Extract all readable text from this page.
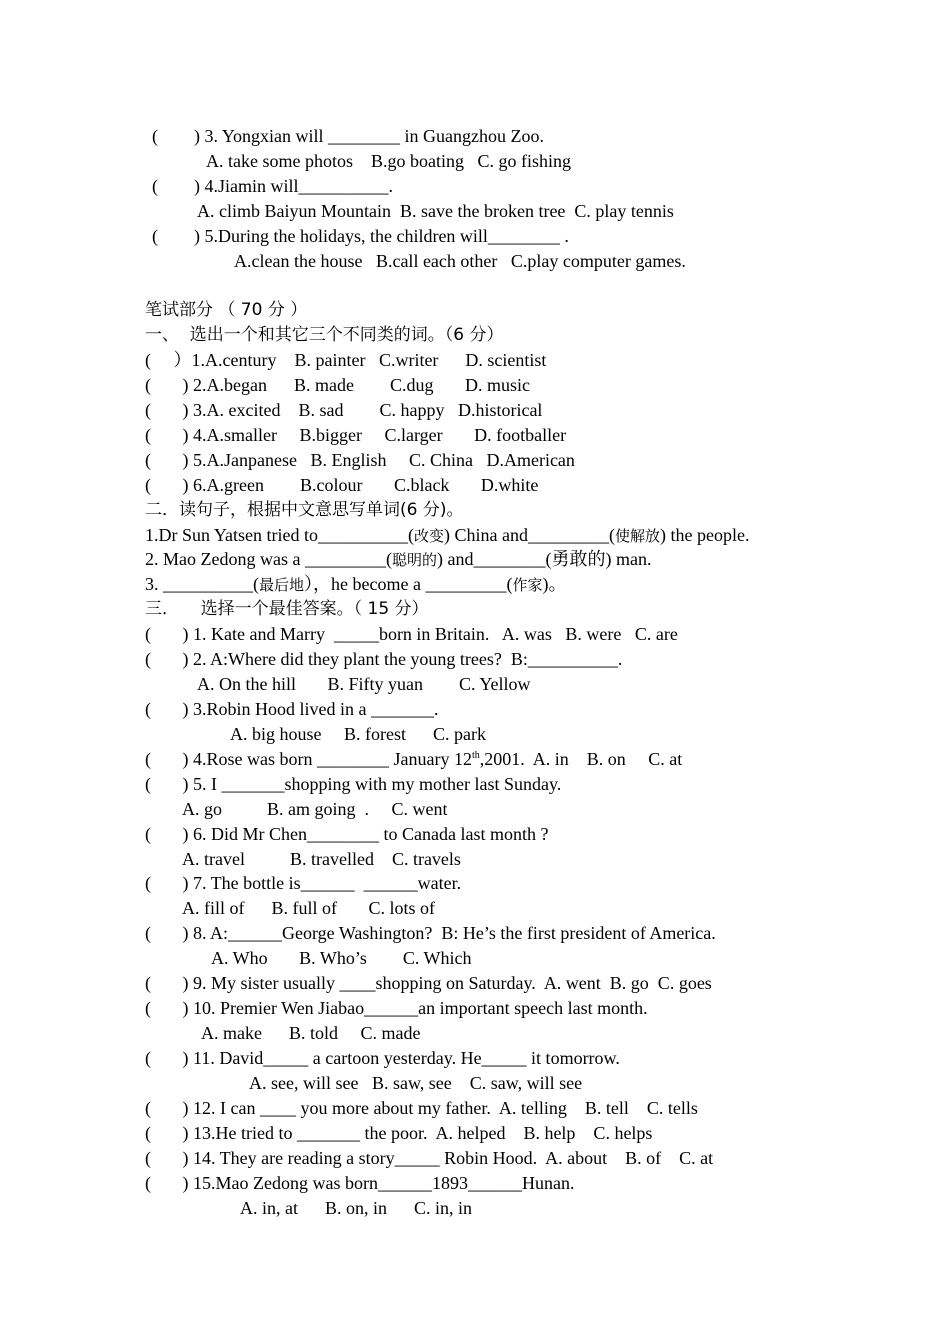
(        ) 3. Yongxian will ________ in Guangzhou Zoo.
A. take some photos    B.go boating   C. go fishing
(        ) 4.Jiamin will__________.
A. climb Baiyun Mountain  B. save the broken tree  C. play tennis
(        ) 5.During the holidays, the children will________ .
A.clean the house   B.call each other   C.play computer games.
笔试部分 （ 70 分 ）
一、  选出一个和其它三个不同类的词。（6 分）
(     ）1.A.century    B. painter   C.writer      D. scientist
(       ) 2.A.began      B. made        C.dug       D. music
(       ) 3.A. excited    B. sad        C. happy   D.historical
(       ) 4.A.smaller     B.bigger     C.larger       D. footballer
(       ) 5.A.Janpanese   B. English     C. China   D.American
(       ) 6.A.green        B.colour       C.black       D.white
二．读句子，根据中文意思写单词(6 分)。
1.Dr Sun Yatsen tried to__________(改变) China and_________(使解放) the people.
2. Mao Zedong was a _________(聪明的) and________(勇敢的) man.
3. __________(最后地），he become a _________(作家)。
三．    选择一个最佳答案。（ 15 分）
(       ) 1. Kate and Marry  _____born in Britain.   A. was   B. were   C. are
(       ) 2. A:Where did they plant the young trees?  B:__________.
A. On the hill       B. Fifty yuan        C. Yellow
(       ) 3.Robin Hood lived in a _______.
A. big house     B. forest      C. park
(       ) 4.Rose was born ________ January 12th,2001.  A. in    B. on     C. at
(       ) 5. I _______shopping with my mother last Sunday.
A. go          B. am going  .     C. went
(       ) 6. Did Mr Chen________ to Canada last month ?
A. travel          B. travelled    C. travels
(       ) 7. The bottle is______  ______water.
A. fill of      B. full of       C. lots of
(       ) 8. A:______George Washington?  B: He’s the first president of America.
A. Who       B. Who’s        C. Which
(       ) 9. My sister usually ____shopping on Saturday.  A. went  B. go  C. goes
(       ) 10. Premier Wen Jiabao______an important speech last month.
A. make      B. told     C. made
(       ) 11. David_____ a cartoon yesterday. He_____ it tomorrow.
A. see, will see   B. saw, see    C. saw, will see
(       ) 12. I can ____ you more about my father.  A. telling    B. tell    C. tells
(       ) 13.He tried to _______ the poor.  A. helped    B. help    C. helps
(       ) 14. They are reading a story_____ Robin Hood.  A. about    B. of    C. at
(       ) 15.Mao Zedong was born______1893______Hunan.
A. in, at      B. on, in      C. in, in
